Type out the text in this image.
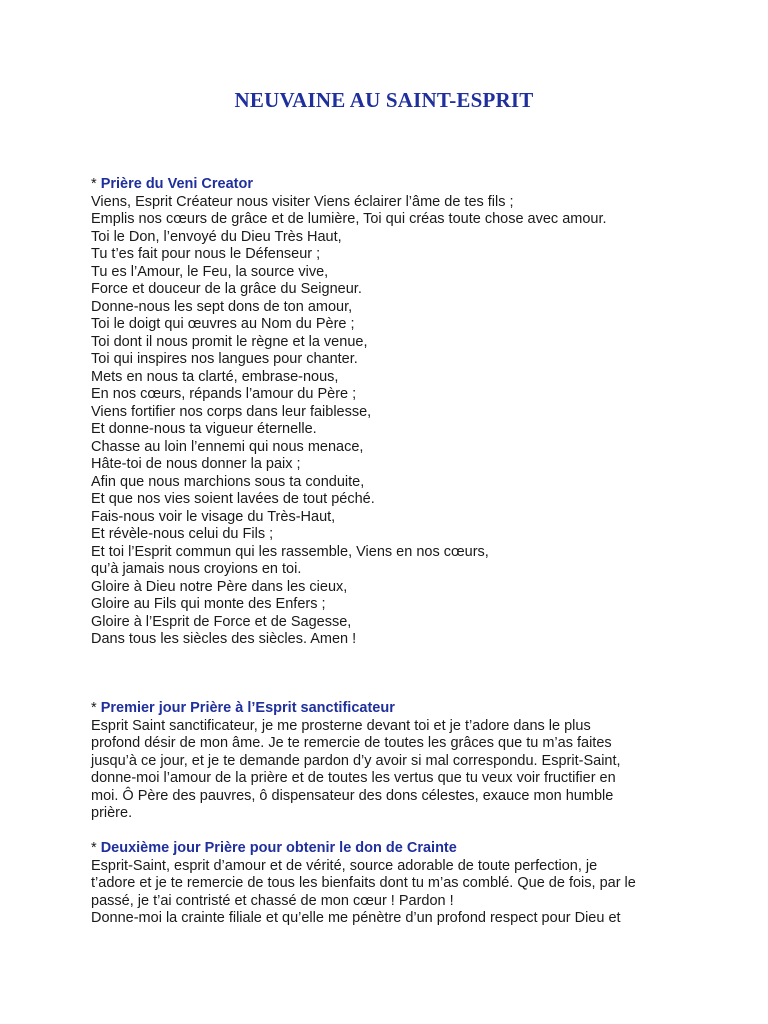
NEUVAINE AU SAINT-ESPRIT

* Prière du Veni Creator

Viens, Esprit Créateur nous visiter Viens éclairer l’âme de tes fils ;

Emplis nos cœurs de grâce et de lumière, Toi qui créas toute chose avec amour.

Toi le Don, l’envoyé du Dieu Très Haut,

Tu t’es fait pour nous le Défenseur ;

Tu es l’Amour, le Feu, la source vive,

Force et douceur de la grâce du Seigneur.

Donne-nous les sept dons de ton amour,

Toi le doigt qui œuvres au Nom du Père ;

Toi dont il nous promit le règne et la venue,

Toi qui inspires nos langues pour chanter.

Mets en nous ta clarté, embrase-nous,

En nos cœurs, répands l’amour du Père ;

Viens fortifier nos corps dans leur faiblesse,

Et donne-nous ta vigueur éternelle.

Chasse au loin l’ennemi qui nous menace,

Hâte-toi de nous donner la paix ;

Afin que nous marchions sous ta conduite,

Et que nos vies soient lavées de tout péché.

Fais-nous voir le visage du Très-Haut,

Et révèle-nous celui du Fils ;

Et toi l’Esprit commun qui les rassemble, Viens en nos cœurs,

qu’à jamais nous croyions en toi.

Gloire à Dieu notre Père dans les cieux,

Gloire au Fils qui monte des Enfers ;

Gloire à l’Esprit de Force et de Sagesse,

Dans tous les siècles des siècles. Amen !

* Premier jour Prière à l’Esprit sanctificateur

Esprit Saint sanctificateur, je me prosterne devant toi et je t’adore dans le plus

profond désir de mon âme. Je te remercie de toutes les grâces que tu m’as faites

jusqu’à ce jour, et je te demande pardon d’y avoir si mal correspondu. Esprit-Saint,

donne-moi l’amour de la prière et de toutes les vertus que tu veux voir fructifier en

moi. Ô Père des pauvres, ô dispensateur des dons célestes, exauce mon humble

prière.

* Deuxième jour Prière pour obtenir le don de Crainte

Esprit-Saint, esprit d’amour et de vérité, source adorable de toute perfection, je

t’adore et je te remercie de tous les bienfaits dont tu m’as comblé. Que de fois, par le

passé, je t’ai contristé et chassé de mon cœur ! Pardon !

Donne-moi la crainte filiale et qu’elle me pénètre d’un profond respect pour Dieu et
